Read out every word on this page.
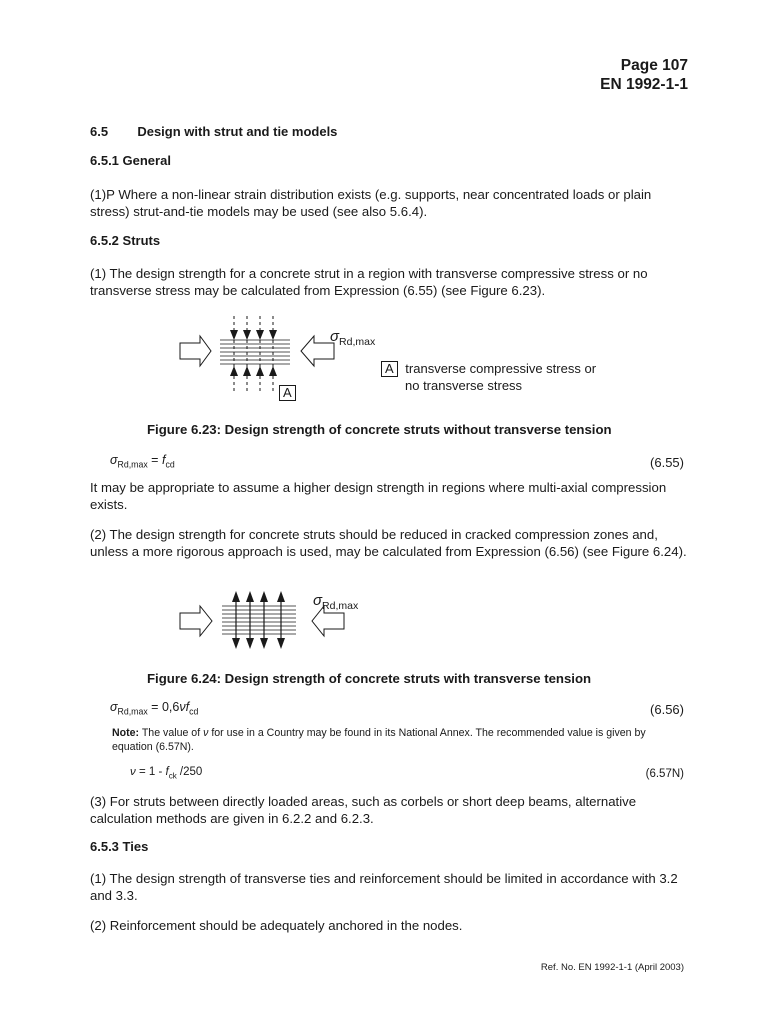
Page 107
EN 1992-1-1
6.5 Design with strut and tie models
6.5.1 General
(1)P Where a non-linear strain distribution exists (e.g. supports, near concentrated loads or plain stress) strut-and-tie models may be used (see also 5.6.4).
6.5.2 Struts
(1) The design strength for a concrete strut in a region with transverse compressive stress or no transverse stress may be calculated from Expression (6.55) (see Figure 6.23).
$\sigma_{Rd,max}$
A
A transverse compressive stress or
no transverse stress
Figure 6.23: Design strength of concrete struts without transverse tension
$\sigma_{Rd,max} = f_{cd}$	(6.55)
It may be appropriate to assume a higher design strength in regions where multi-axial compression exists.
(2) The design strength for concrete struts should be reduced in cracked compression zones and, unless a more rigorous approach is used, may be calculated from Expression (6.56) (see Figure 6.24).
$\sigma_{Rd,max}$
Figure 6.24: Design strength of concrete struts with transverse tension
$\sigma_{Rd,max} = 0,6\nu f_{cd}$	(6.56)
Note: The value of ν for use in a Country may be found in its National Annex. The recommended value is given by equation (6.57N).
$\nu = 1 - f_{ck}$ /250	(6.57N)
(3) For struts between directly loaded areas, such as corbels or short deep beams, alternative calculation methods are given in 6.2.2 and 6.2.3.
6.5.3 Ties
(1) The design strength of transverse ties and reinforcement should be limited in accordance with 3.2 and 3.3.
(2) Reinforcement should be adequately anchored in the nodes.
Ref. No. EN 1992-1-1 (April 2003)
